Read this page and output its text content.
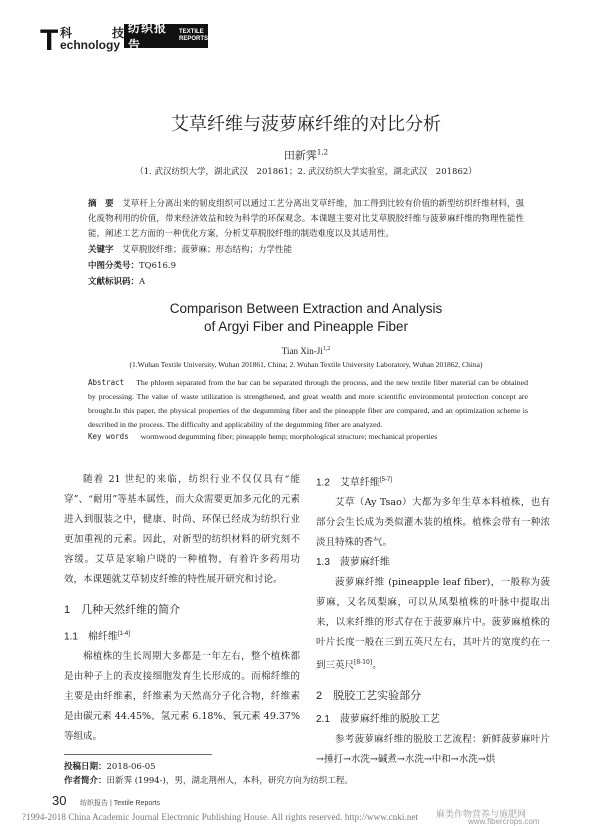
T 科	技
echnology
纺织报告
TEXTILE
REPORTS
艾草纤维与菠萝麻纤维的对比分析
田新霁$^{1,2}$
（1. 武汉纺织大学，湖北武汉　201861；2. 武汉纺织大学实验室，湖北武汉　201862）
摘　要　 艾草秆上分离出来的韧皮组织可以通过工艺分离出艾草纤维，加工得到比较有价值的新型纺织纤维材料，强化废物利用的价值，带来经济效益和较为科学的环保观念。本课题主要对比艾草脱胶纤维与菠萝麻纤维的物理性能性能，阐述工艺方面的一种优化方案，分析艾草脱胶纤维的制造难度以及其适用性。
关键字　 艾草脱胶纤维；菠萝麻；形态结构；力学性能
中图分类号：TQ616.9
文献标识码：A
Comparison Between Extraction and Analysis
of Argyi Fiber and Pineapple Fiber
Tian Xin-Ji$^{1,2}$
(1.Wuhan Textile University, Wuhan 201861, China; 2. Wuhan Textile University Laboratory, Wuhan 201862, China)
Abstract The phloem separated from the bar can be separated through the process, and the new textile fiber material can be obtained by processing. The value of waste utilization is strengthened, and great wealth and more scientific environmental protection concept are brought.In this paper, the physical properties of the degumming fiber and the pineapple fiber are compared, and an optimization scheme is described in the process. The difficulty and applicability of the degumming fiber are analyzed.
Key words wormwood degumming fiber; pineapple hemp; morphological structure; mechanical properties

随着 21 世纪的来临，纺织行业不仅仅具有“能穿”、“耐用”等基本属性，而大众需要更加多元化的元素进入到服装之中，健康、时尚、环保已经成为纺织行业更加重视的元素。因此，对新型的纺织材料的研究刻不容缓。艾草是家喻户晓的一种植物，有着许多药用功效，本课题就艾草韧皮纤维的特性展开研究和讨论。

1　几种天然纤维的简介
1.1　棉纤维[1-4]

棉植株的生长周期大多都是一年左右，整个植株都是由种子上的表皮接细胞发育生长形成的。而棉纤维的主要是由纤维素，纤维素为天然高分子化合物，纤维素是由碳元素 44.45%、氢元素 6.18%、氧元素 49.37% 等组成。

1.2　艾草纤维[5-7]

艾草（Ay Tsao）大都为多年生草本料植株，也有部分会生长成为类似灌木装的植株。植株会带有一种浓淡且特殊的香气。

1.3　菠萝麻纤维

菠萝麻纤维 (pineapple leaf fiber)，一般称为菠萝麻，又名凤梨麻，可以从凤梨植株的叶脉中提取出来，以来纤维的形式存在于菠萝麻片中。菠萝麻植株的叶片长度一般在三到五英尺左右，其叶片的宽度约在一到三英尺[8-10]。

2　脱胶工艺实验部分
2.1　菠萝麻纤维的脱胶工艺

参考菠萝麻纤维的脱胶工艺流程：新鲜菠萝麻叶片→捶打→水洗→碱煮→水洗→中和→水洗→烘

投稿日期：2018-06-05
作者简介：田新霁 (1994-)，男，湖北荆州人，本科，研究方向为纺织工程。
30 纺织报告 | Textile Reports
?1994-2018 China Academic Journal Electronic Publishing House. All rights reserved. http://www.cnki.net	麻类作物营养与施肥网
www.fibercrops.com
